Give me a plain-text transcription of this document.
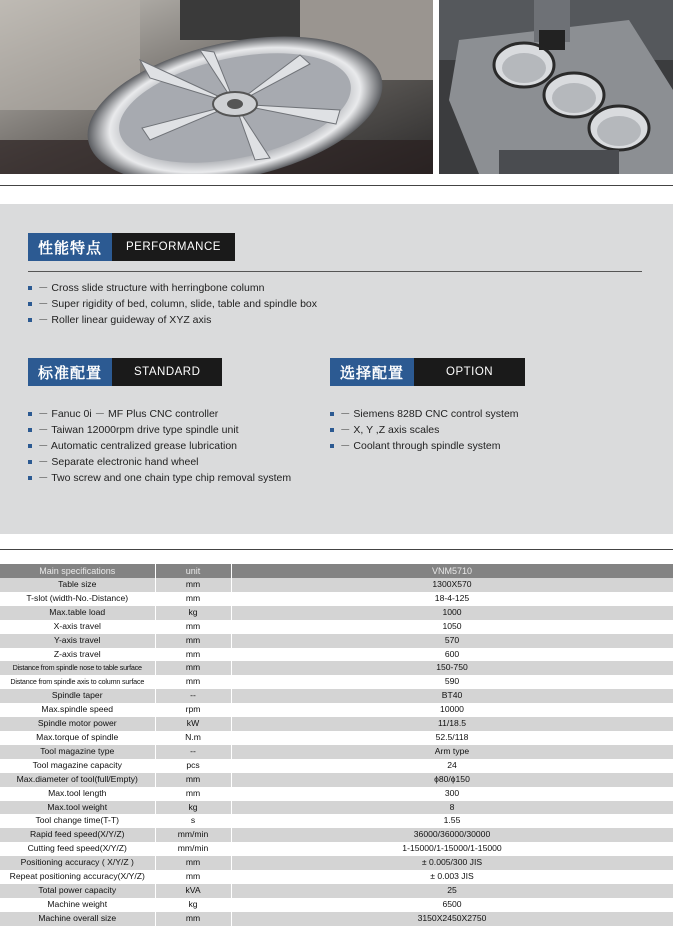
性能特点	PERFORMANCE
－ Cross slide structure with herringbone column
－ Super rigidity of bed, column, slide, table and spindle box
－ Roller linear guideway of XYZ axis
标准配置	STANDARD
－ Fanuc 0i － MF Plus CNC controller
－ Taiwan 12000rpm drive type spindle unit
－ Automatic centralized grease lubrication
－ Separate electronic hand wheel
－ Two screw and one chain type chip removal system
选择配置	OPTION
－ Siemens 828D CNC control system
－ X, Y ,Z axis scales
－ Coolant through spindle system
Main specifications	unit	VNM5710
Table size	mm	1300X570
T-slot (width-No.-Distance)	mm	18-4-125
Max.table load	kg	1000
X-axis travel	mm	1050
Y-axis travel	mm	570
Z-axis travel	mm	600
Distance from spindle nose to table surface	mm	150-750
Distance from spindle axis to column surface	mm	590
Spindle taper	--	BT40
Max.spindle speed	rpm	10000
Spindle motor power	kW	11/18.5
Max.torque of spindle	N.m	52.5/118
Tool magazine type	--	Arm type
Tool magazine capacity	pcs	24
Max.diameter of tool(full/Empty)	mm	ɸ80/ɸ150
Max.tool length	mm	300
Max.tool weight	kg	8
Tool change time(T-T)	s	1.55
Rapid feed speed(X/Y/Z)	mm/min	36000/36000/30000
Cutting feed speed(X/Y/Z)	mm/min	1-15000/1-15000/1-15000
Positioning accuracy ( X/Y/Z )	mm	± 0.005/300 JIS
Repeat positioning accuracy(X/Y/Z)	mm	± 0.003 JIS
Total power capacity	kVA	25
Machine weight	kg	6500
Machine overall size	mm	3150X2450X2750
